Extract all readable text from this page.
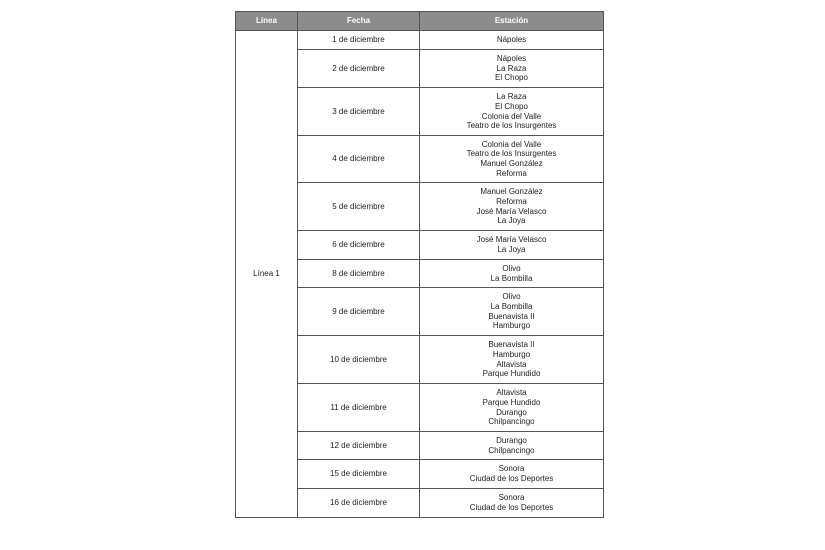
Línea	Fecha	Estación
Línea 1	1 de diciembre	Nápoles

	2 de diciembre	Nápoles
La Raza
El Chopo

	3 de diciembre	La Raza
El Chopo
Colonia del Valle
Teatro de los Insurgentes

	4 de diciembre	Colonia del Valle
Teatro de los Insurgentes
Manuel González
Reforma

	5 de diciembre	Manuel González
Reforma
José María Velasco
La Joya

	6 de diciembre	José María Velasco
La Joya

	8 de diciembre	Olivo
La Bombilla

	9 de diciembre	Olivo
La Bombilla
Buenavista II
Hamburgo

	10 de diciembre	Buenavista II
Hamburgo
Altavista
Parque Hundido

	11 de diciembre	Altavista
Parque Hundido
Durango
Chilpancingo

	12 de diciembre	Durango
Chilpancingo

	15 de diciembre	Sonora
Ciudad de los Deportes

	16 de diciembre	Sonora
Ciudad de los Deportes
